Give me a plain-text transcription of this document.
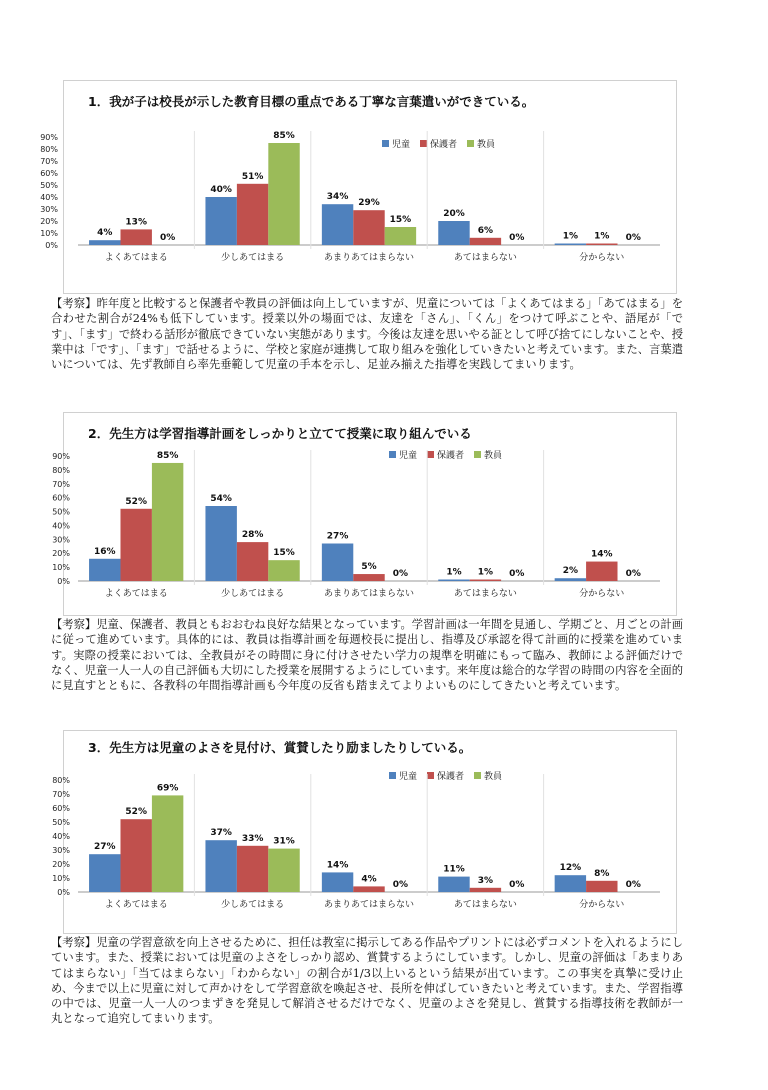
1．我が子は校長が示した教育目標の重点である丁寧な言葉遣いができている。
児童	保護者	教員
0%
10%
20%
30%
40%
50%
60%
70%
80%
90%
よくあてはまる
4%
13%
0%
少しあてはまる
40%
51%
85%
あまりあてはまらない
34%
29%
15%
あてはまらない
20%
6%
0%
分からない
1% 1% 0%
【考察】昨年度と比較すると保護者や教員の評価は向上していますが、児童については「よくあてはまる」「あてはまる」を合わせた割合が24%も低下しています。授業以外の場面では、友達を「さん」、「くん」をつけて呼ぶことや、語尾が「です」、「ます」で終わる話形が徹底できていない実態があります。今後は友達を思いやる証として呼び捨てにしないことや、授業中は「です」、「ます」で話せるように、学校と家庭が連携して取り組みを強化していきたいと考えています。また、言葉遣いについては、先ず教師自ら率先垂範して児童の手本を示し、足並み揃えた指導を実践してまいります。
2．先生方は学習指導計画をしっかりと立てて授業に取り組んでいる
児童	保護者	教員
0%
10%
20%
30%
40%
50%
60%
70%
80%
90%
よくあてはまる
16%
52%
85%
少しあてはまる
54%
28%
15%
あまりあてはまらない
27%
5%
0%
あてはまらない
1% 1% 0%
分からない
2%
14%
0%
【考察】児童、保護者、教員ともおおむね良好な結果となっています。学習計画は一年間を見通し、学期ごと、月ごとの計画に従って進めています。具体的には、教員は指導計画を毎週校長に提出し、指導及び承認を得て計画的に授業を進めています。実際の授業においては、全教員がその時間に身に付けさせたい学力の規準を明確にもって臨み、教師による評価だけでなく、児童一人一人の自己評価も大切にした授業を展開するようにしています。来年度は総合的な学習の時間の内容を全面的に見直すとともに、各教科の年間指導計画も今年度の反省も踏まえてよりよいものにしてきたいと考えています。
3．先生方は児童のよさを見付け、賞賛したり励ましたりしている。
児童	保護者	教員
0%
10%
20%
30%
40%
50%
60%
70%
80%
よくあてはまる
27%
52%
69%
少しあてはまる
37%
33% 31%
あまりあてはまらない
14%
4%
0%
あてはまらない
11%
3% 0%
分からない
12%
8%
0%
【考察】児童の学習意欲を向上させるために、担任は教室に掲示してある作品やプリントには必ずコメントを入れるようにしています。また、授業においては児童のよさをしっかり認め、賞賛するようにしています。しかし、児童の評価は「あまりあてはまらない」「当てはまらない」「わからない」の割合が1/3以上いるという結果が出ています。この事実を真摯に受け止め、今まで以上に児童に対して声かけをして学習意欲を喚起させ、長所を伸ばしていきたいと考えています。また、学習指導の中では、児童一人一人のつまずきを発見して解消させるだけでなく、児童のよさを発見し、賞賛する指導技術を教師が一丸となって追究してまいります。
